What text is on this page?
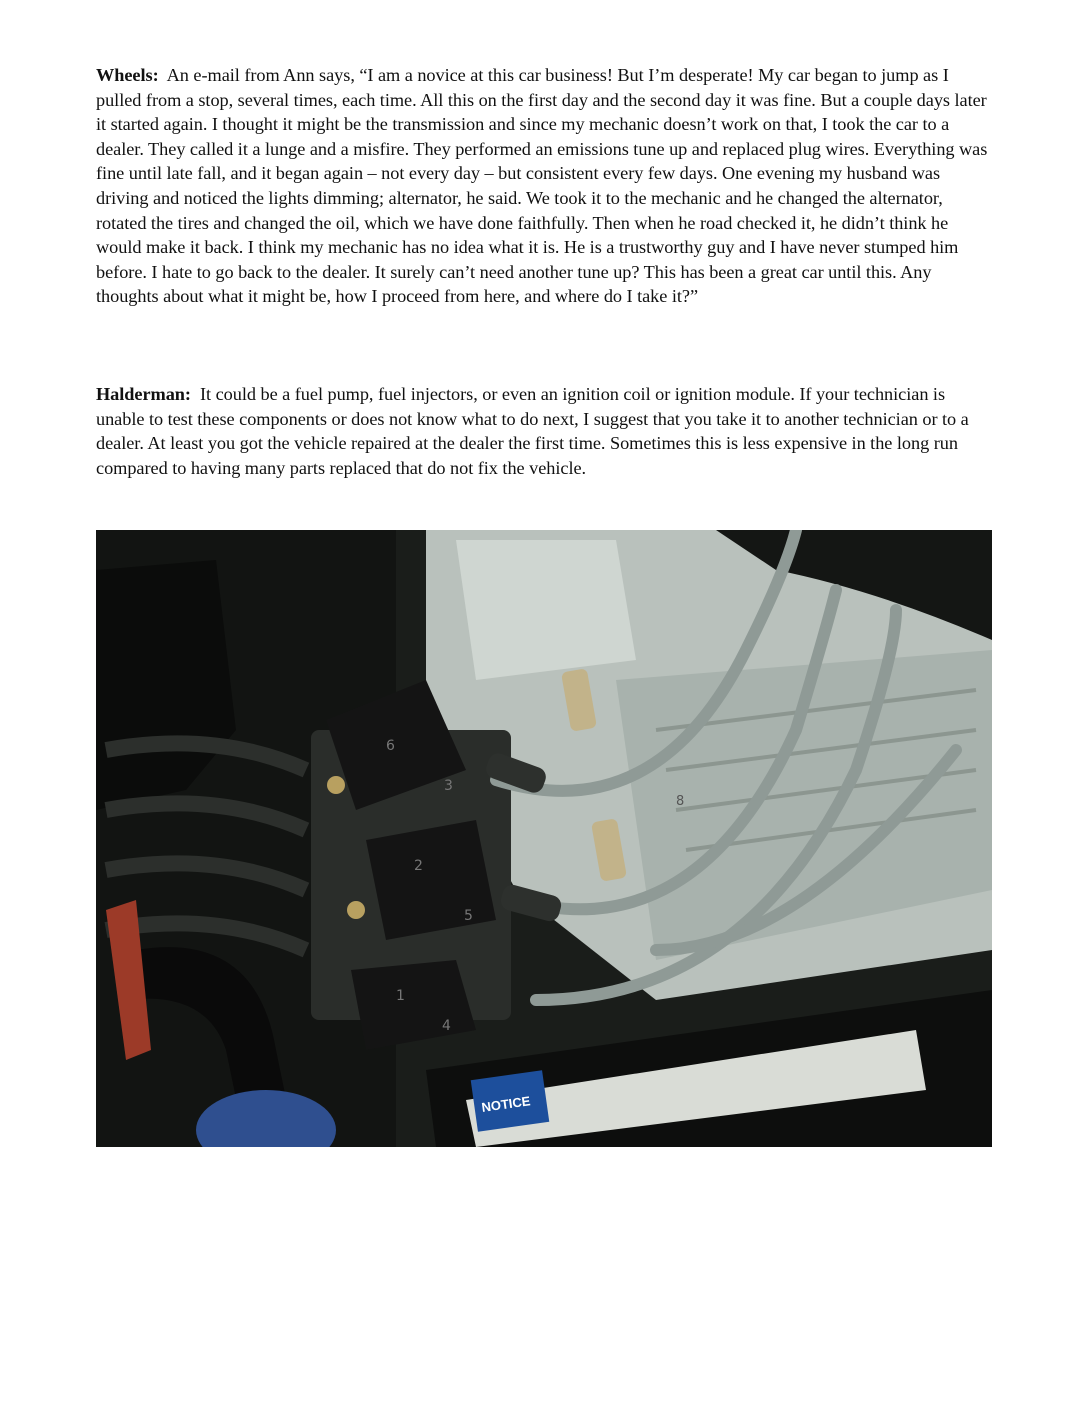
Wheels: An e-mail from Ann says, “I am a novice at this car business! But I’m desperate! My car began to jump as I pulled from a stop, several times, each time. All this on the first day and the second day it was fine. But a couple days later it started again. I thought it might be the transmission and since my mechanic doesn’t work on that, I took the car to a dealer. They called it a lunge and a misfire. They performed an emissions tune up and replaced plug wires. Everything was fine until late fall, and it began again – not every day – but consistent every few days. One evening my husband was driving and noticed the lights dimming; alternator, he said. We took it to the mechanic and he changed the alternator, rotated the tires and changed the oil, which we have done faithfully. Then when he road checked it, he didn’t think he would make it back. I think my mechanic has no idea what it is. He is a trustworthy guy and I have never stumped him before. I hate to go back to the dealer. It surely can’t need another tune up? This has been a great car until this. Any thoughts about what it might be, how I proceed from here, and where do I take it?”

Halderman: It could be a fuel pump, fuel injectors, or even an ignition coil or ignition module. If your technician is unable to test these components or does not know what to do next, I suggest that you take it to another technician or to a dealer. At least you got the vehicle repaired at the dealer the first time. Sometimes this is less expensive in the long run compared to having many parts replaced that do not fix the vehicle.

6
3
2
5
1
4
8
NOTICE
